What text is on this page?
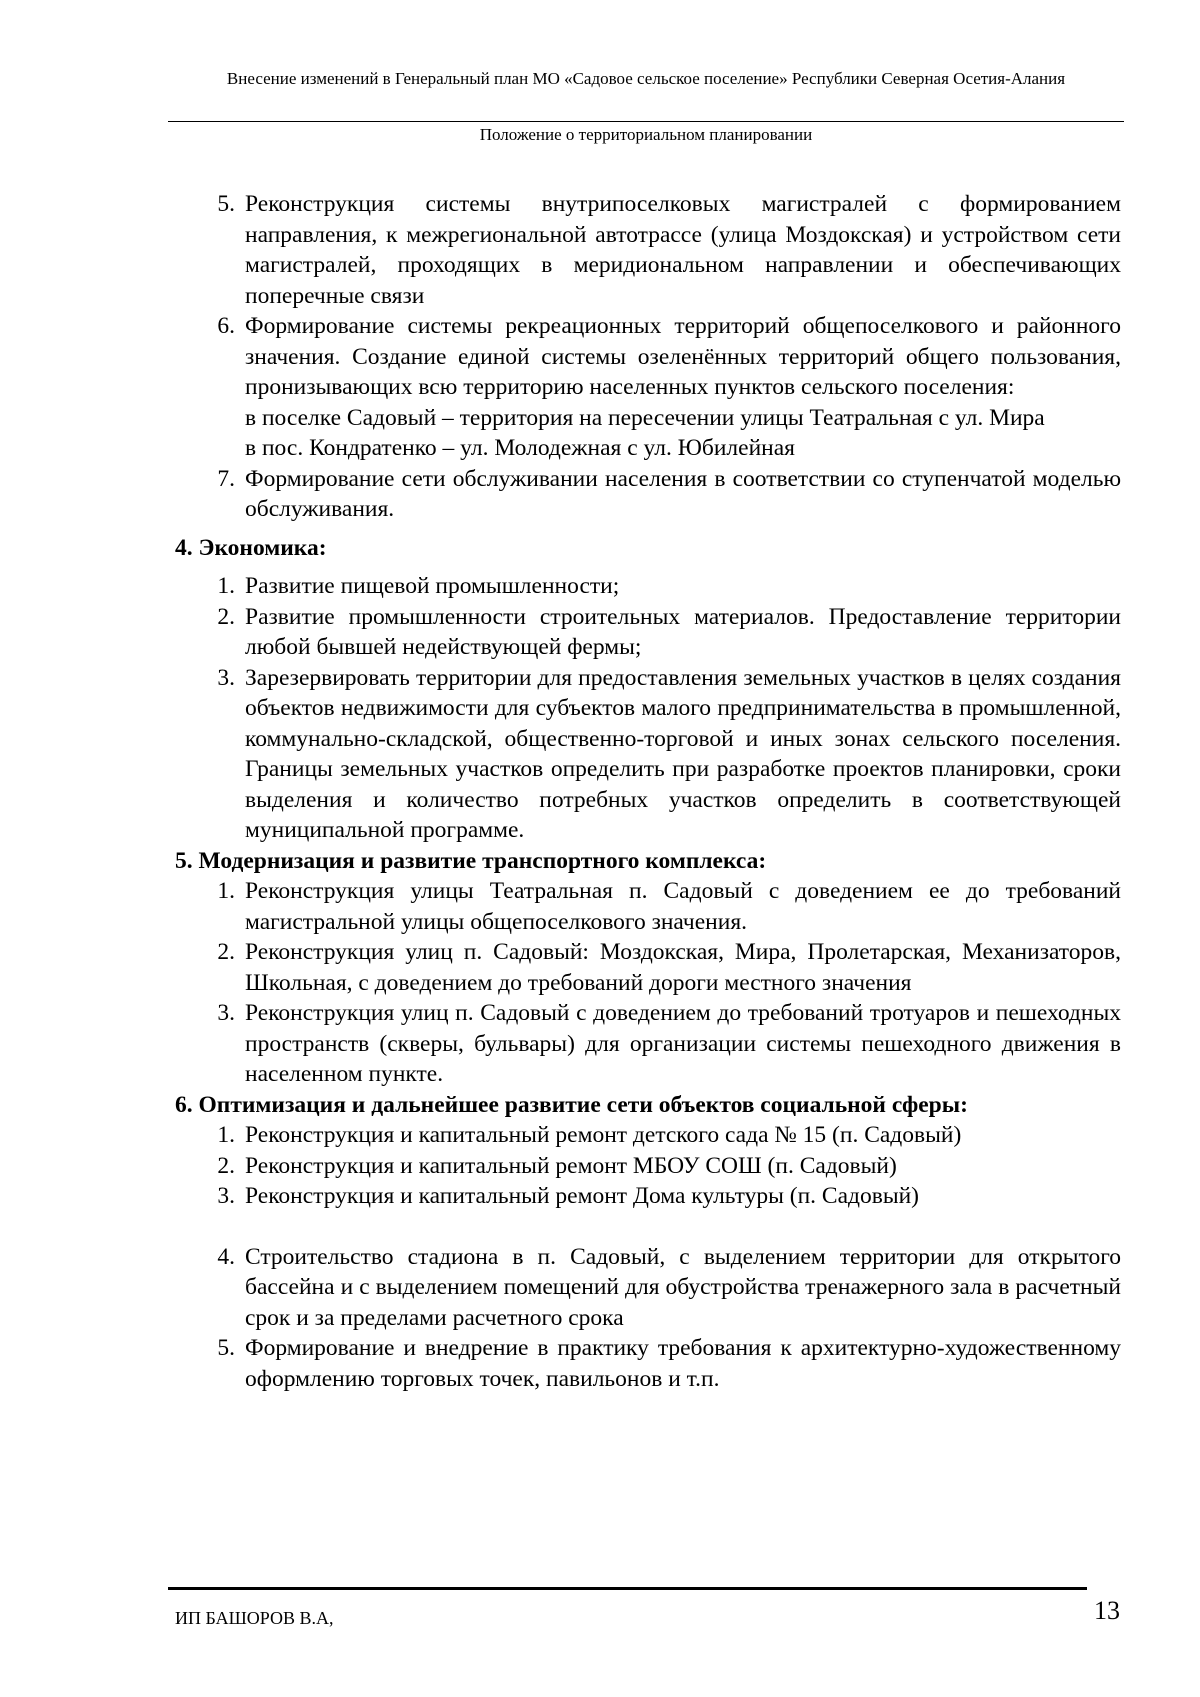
Внесение изменений в Генеральный план МО «Садовое сельское поселение» Республики Северная Осетия-Алания
Положение о территориальном планировании
5. Реконструкция системы внутрипоселковых магистралей с формированием направления, к межрегиональной автотрассе (улица Моздокская) и устройством сети магистралей, проходящих в меридиональном направлении и обеспечивающих поперечные связи
6. Формирование системы рекреационных территорий общепоселкового и районного значения. Создание единой системы озеленённых территорий общего пользования, пронизывающих всю территорию населенных пунктов сельского поселения:

в поселке Садовый – территория на пересечении улицы Театральная с ул. Мира

в пос. Кондратенко – ул. Молодежная с ул. Юбилейная

7. Формирование сети обслуживании населения в соответствии со ступенчатой моделью обслуживания.

4. Экономика:

1. Развитие пищевой промышленности;
2. Развитие промышленности строительных материалов. Предоставление территории любой бывшей недействующей фермы;
3. Зарезервировать территории для предоставления земельных участков в целях создания объектов недвижимости для субъектов малого предпринимательства в промышленной, коммунально-складской, общественно-торговой и иных зонах сельского поселения. Границы земельных участков определить при разработке проектов планировки, сроки выделения и количество потребных участков определить в соответствующей муниципальной программе.

5. Модернизация и развитие транспортного комплекса:

1. Реконструкция улицы Театральная п. Садовый с доведением ее до требований магистральной улицы общепоселкового значения.
2. Реконструкция улиц п. Садовый: Моздокская, Мира, Пролетарская, Механизаторов, Школьная, с доведением до требований дороги местного значения
3. Реконструкция улиц п. Садовый с доведением до требований тротуаров и пешеходных пространств (скверы, бульвары) для организации системы пешеходного движения в населенном пункте.

6. Оптимизация и дальнейшее развитие сети объектов социальной сферы:

1. Реконструкция и капитальный ремонт детского сада № 15 (п. Садовый)
2. Реконструкция и капитальный ремонт МБОУ СОШ (п. Садовый)
3. Реконструкция и капитальный ремонт Дома культуры (п. Садовый)
4. Строительство стадиона в п. Садовый, с выделением территории для открытого бассейна и с выделением помещений для обустройства тренажерного зала в расчетный срок и за пределами расчетного срока
5. Формирование и внедрение в практику требования к архитектурно-художественному оформлению торговых точек, павильонов и т.п.
ИП БАШОРОВ В.А,	13
